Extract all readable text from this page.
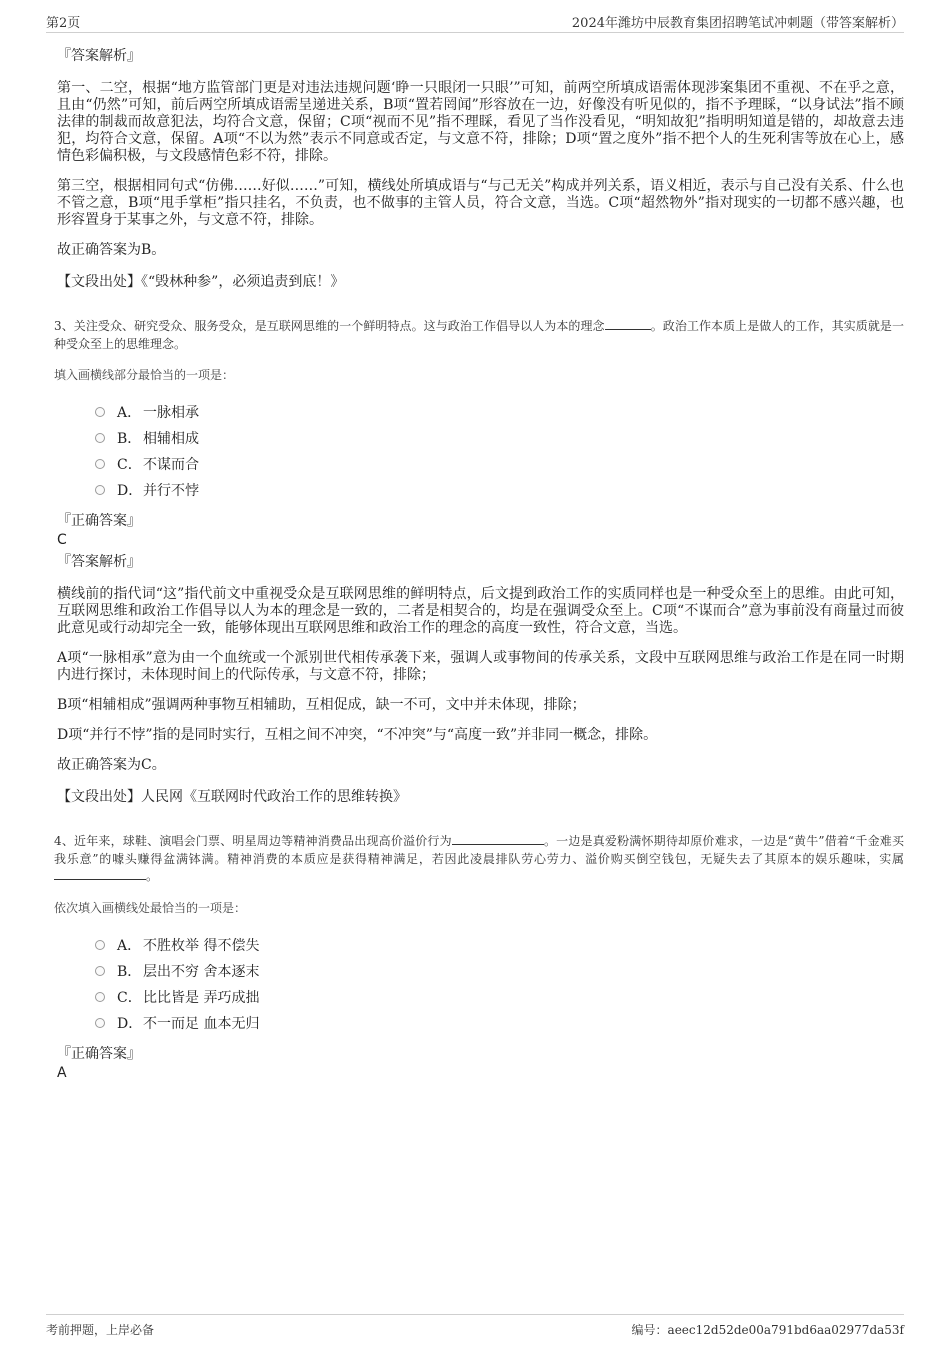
第2页	2024年潍坊中辰教育集团招聘笔试冲刺题（带答案解析）
『答案解析』

第一、二空，根据“地方监管部门更是对违法违规问题‘睁一只眼闭一只眼’”可知，前两空所填成语需体现涉案集团不重视、不在乎之意，且由“仍然”可知，前后两空所填成语需呈递进关系，B项“置若罔闻”形容放在一边，好像没有听见似的，指不予理睬，“以身试法”指不顾法律的制裁而故意犯法，均符合文意，保留；C项“视而不见”指不理睬，看见了当作没看见，“明知故犯”指明明知道是错的，却故意去违犯，均符合文意，保留。A项“不以为然”表示不同意或否定，与文意不符，排除；D项“置之度外”指不把个人的生死利害等放在心上，感情色彩偏积极，与文段感情色彩不符，排除。

第三空，根据相同句式“仿佛……好似……”可知，横线处所填成语与“与己无关”构成并列关系，语义相近，表示与自己没有关系、什么也不管之意，B项“甩手掌柜”指只挂名，不负责，也不做事的主管人员，符合文意，当选。C项“超然物外”指对现实的一切都不感兴趣，也形容置身于某事之外，与文意不符，排除。

故正确答案为B。

【文段出处】《“毁林种参”，必须追责到底！》

3、关注受众、研究受众、服务受众，是互联网思维的一个鲜明特点。这与政治工作倡导以人为本的理念	。政治工作本质上是做人的工作，其实质就是一种受众至上的思维理念。

填入画横线部分最恰当的一项是：
A． 一脉相承
B． 相辅相成
C．不谋而合
D．并行不悖
『正确答案』
C
『答案解析』

横线前的指代词“这”指代前文中重视受众是互联网思维的鲜明特点，后文提到政治工作的实质同样也是一种受众至上的思维。由此可知，互联网思维和政治工作倡导以人为本的理念是一致的，二者是相契合的，均是在强调受众至上。C项“不谋而合”意为事前没有商量过而彼此意见或行动却完全一致，能够体现出互联网思维和政治工作的理念的高度一致性，符合文意，当选。

A项“一脉相承”意为由一个血统或一个派别世代相传承袭下来，强调人或事物间的传承关系，文段中互联网思维与政治工作是在同一时期内进行探讨，未体现时间上的代际传承，与文意不符，排除；

B项“相辅相成”强调两种事物互相辅助，互相促成，缺一不可，文中并未体现，排除；

D项“并行不悖”指的是同时实行，互相之间不冲突，“不冲突”与“高度一致”并非同一概念，排除。

故正确答案为C。

【文段出处】人民网《互联网时代政治工作的思维转换》

4、近年来，球鞋、演唱会门票、明星周边等精神消费品出现高价溢价行为	。一边是真爱粉满怀期待却原价难求，一边是“黄牛”借着“千金难买我乐意”的噱头赚得盆满钵满。精神消费的本质应是获得精神满足，若因此凌晨排队劳心劳力、溢价购买倒空钱包，无疑失去了其原本的娱乐趣味，实属。

依次填入画横线处最恰当的一项是：
A． 不胜枚举 得不偿失
B． 层出不穷 舍本逐末
C．比比皆是 弄巧成拙
D．不一而足 血本无归
『正确答案』
A
考前押题，上岸必备	编号：aeec12d52de00a791bd6aa02977da53f
